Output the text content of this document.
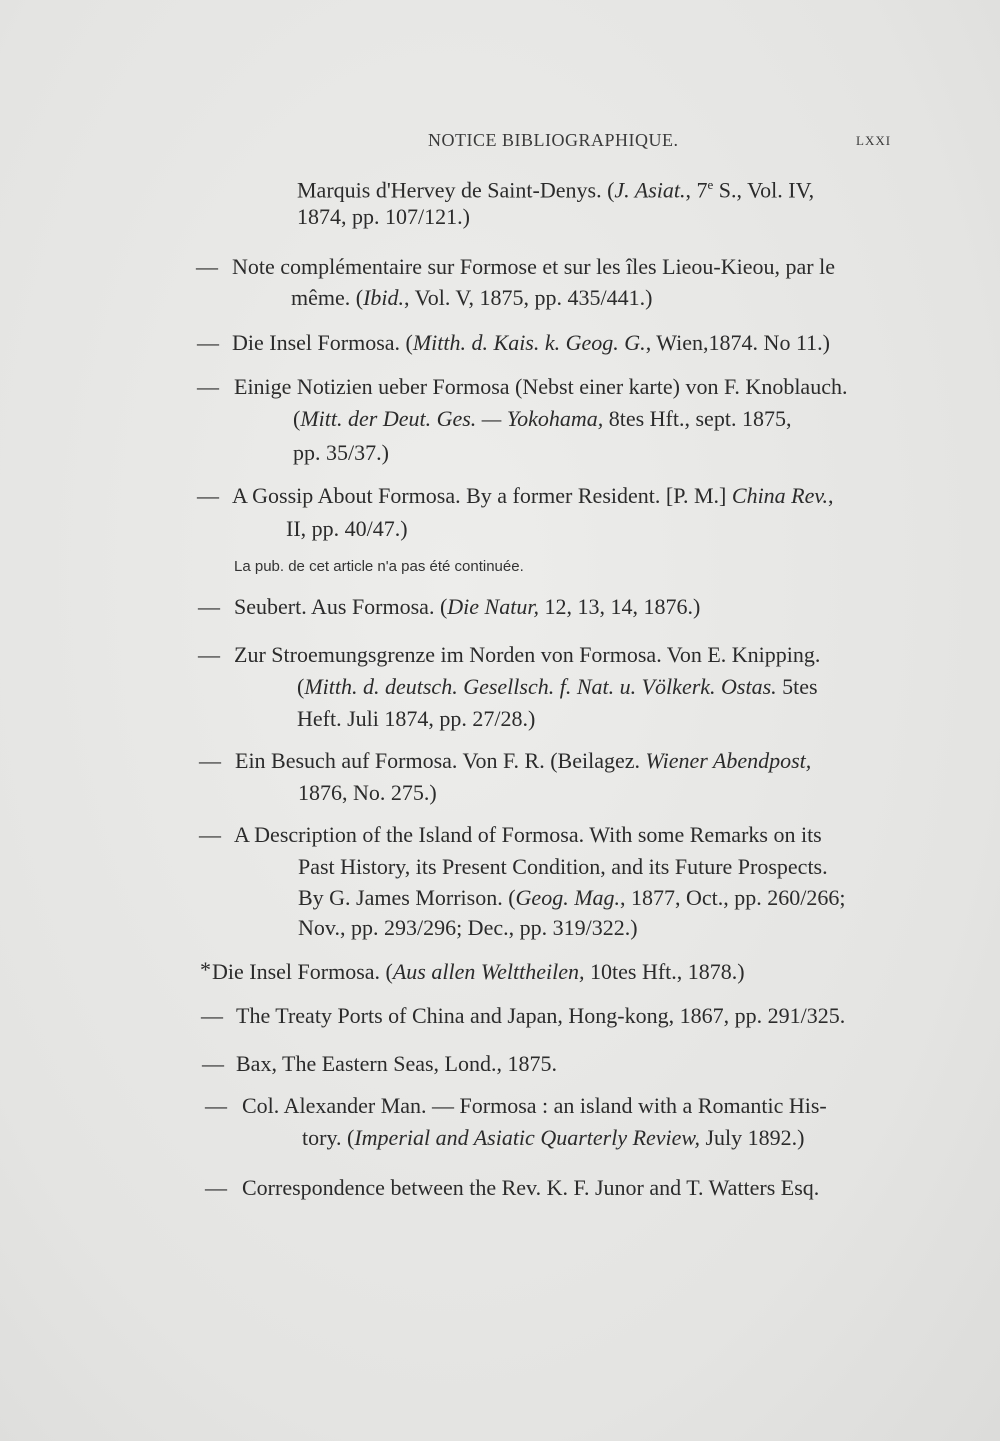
NOTICE BIBLIOGRAPHIQUE.	LXXI
Marquis d'Hervey de Saint-Denys. (J. Asiat., 7e S., Vol. IV,
1874, pp. 107/121.)
— Note complémentaire sur Formose et sur les îles Lieou-Kieou, par le
même. (Ibid., Vol. V, 1875, pp. 435/441.)
— Die Insel Formosa. (Mitth. d. Kais. k. Geog. G., Wien,1874. No 11.)
— Einige Notizien ueber Formosa (Nebst einer karte) von F. Knoblauch.
(Mitt. der Deut. Ges. — Yokohama, 8tes Hft., sept. 1875,
pp. 35/37.)
— A Gossip About Formosa. By a former Resident. [P. M.] China Rev.,
II, pp. 40/47.)
La pub. de cet article n'a pas été continuée.
— Seubert. Aus Formosa. (Die Natur, 12, 13, 14, 1876.)
— Zur Stroemungsgrenze im Norden von Formosa. Von E. Knipping.
(Mitth. d. deutsch. Gesellsch. f. Nat. u. Völkerk. Ostas. 5tes
Heft. Juli 1874, pp. 27/28.)
— Ein Besuch auf Formosa. Von F. R. (Beilagez. Wiener Abendpost,
1876, No. 275.)
— A Description of the Island of Formosa. With some Remarks on its
Past History, its Present Condition, and its Future Prospects.
By G. James Morrison. (Geog. Mag., 1877, Oct., pp. 260/266;
Nov., pp. 293/296; Dec., pp. 319/322.)
* Die Insel Formosa. (Aus allen Welttheilen, 10tes Hft., 1878.)
— The Treaty Ports of China and Japan, Hong-kong, 1867, pp. 291/325.
— Bax, The Eastern Seas, Lond., 1875.
— Col. Alexander Man. — Formosa : an island with a Romantic His-
tory. (Imperial and Asiatic Quarterly Review, July 1892.)
— Correspondence between the Rev. K. F. Junor and T. Watters Esq.
